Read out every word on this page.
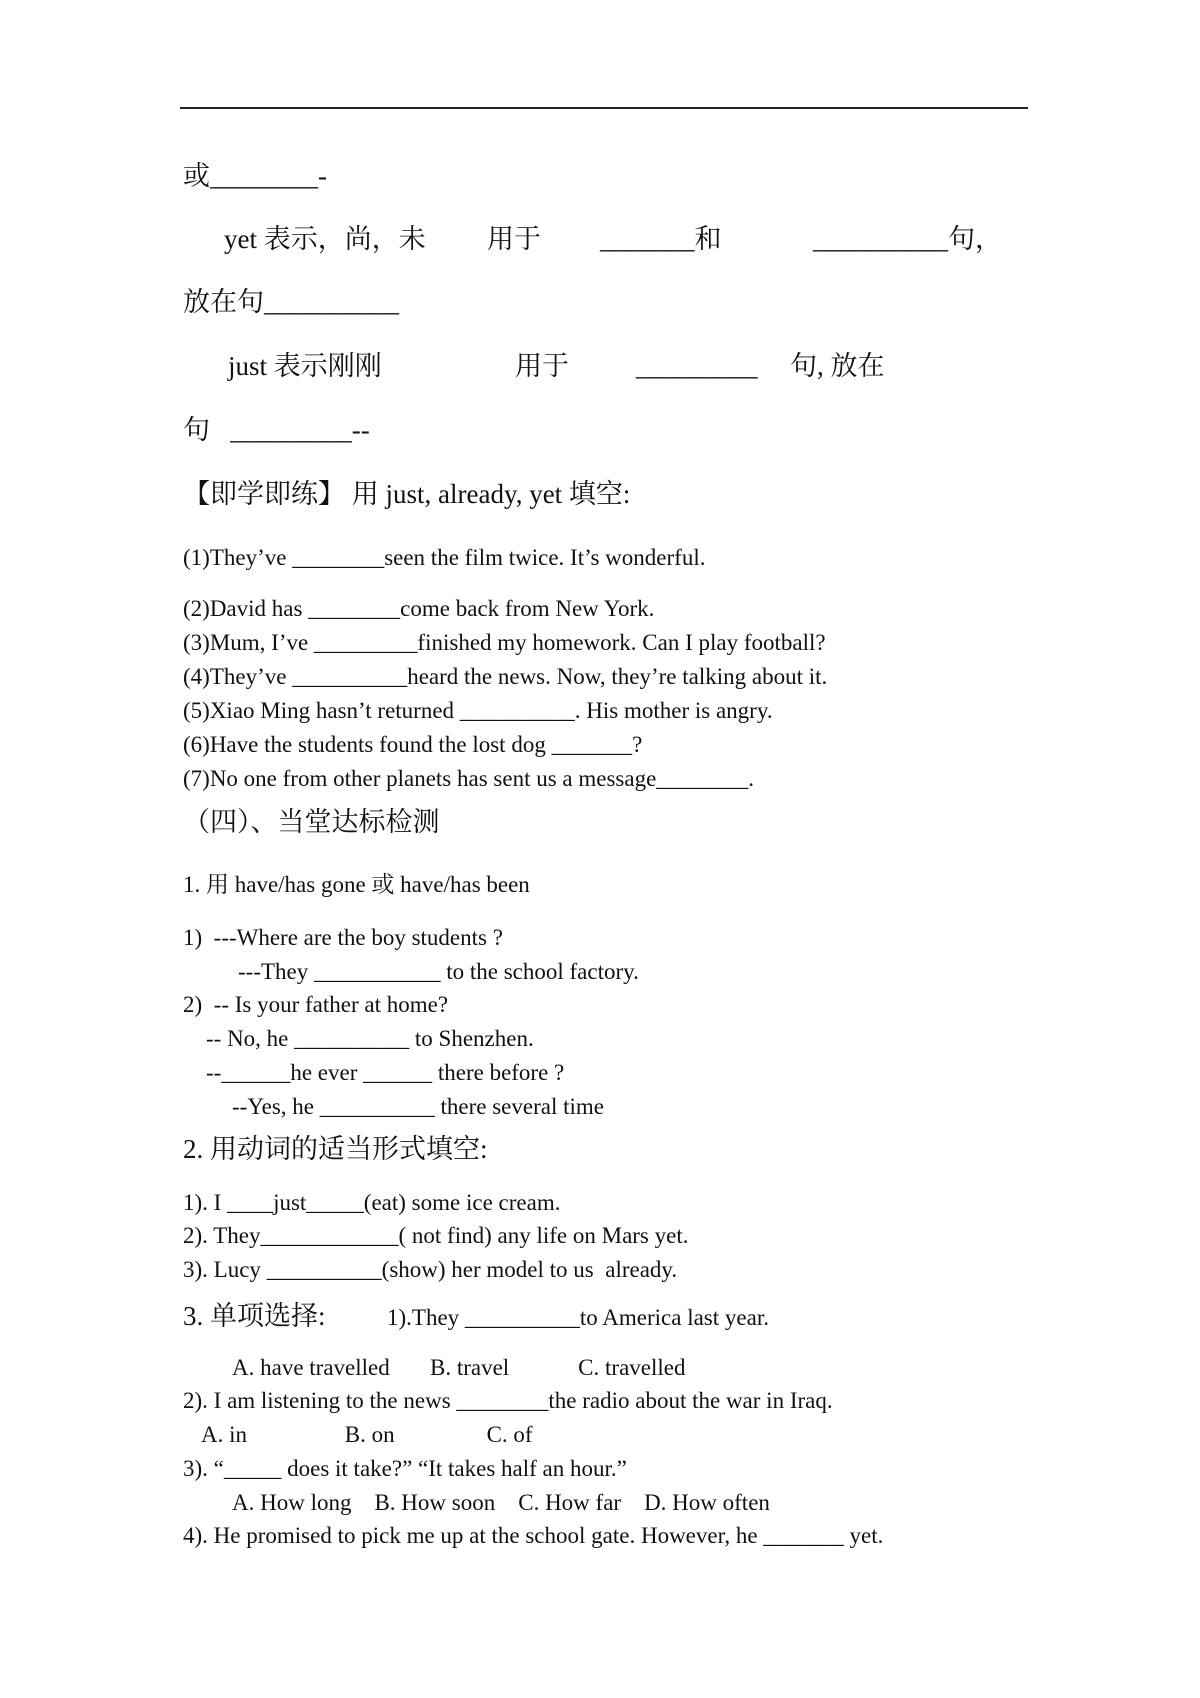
或________-
yet 表示，尚，未 用于 _______和	__________句，
放在句__________
just 表示刚刚	用于 _________ 句, 放在
句   _________--
【即学即练】 用 just, already, yet 填空:
(1)They’ve ________seen the film twice. It’s wonderful.
(2)David has ________come back from New York.
(3)Mum, I’ve _________finished my homework. Can I play football?
(4)They’ve __________heard the news. Now, they’re talking about it.
(5)Xiao Ming hasn’t returned __________. His mother is angry.
(6)Have the students found the lost dog _______?
(7)No one from other planets has sent us a message________.
（四）、当堂达标检测
1. 用 have/has gone 或 have/has been
1)  ---Where are the boy students ?
---They ___________ to the school factory.
2)  -- Is your father at home?
-- No, he __________ to Shenzhen.
--______he ever ______ there before ?
--Yes, he __________ there several time
2. 用动词的适当形式填空:
1). I ____just_____(eat) some ice cream.
2). They____________( not find) any life on Mars yet.
3). Lucy __________(show) her model to us  already.
3. 单项选择:	1).They __________to America last year.
A. have travelled       B. travel            C. travelled
2). I am listening to the news ________the radio about the war in Iraq.
A. in                 B. on                C. of
3). “_____ does it take?” “It takes half an hour.”
A. How long    B. How soon    C. How far    D. How often
4). He promised to pick me up at the school gate. However, he _______ yet.
